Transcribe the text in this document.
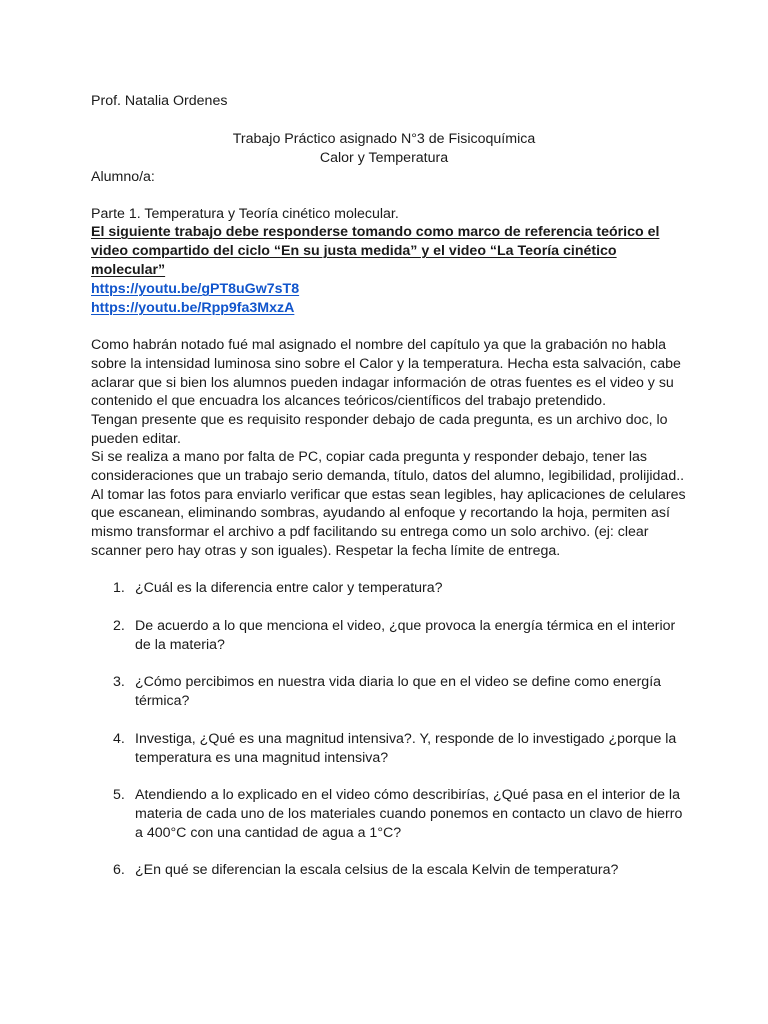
Prof. Natalia Ordenes
Trabajo Práctico asignado N°3 de Fisicoquímica
Calor y Temperatura
Alumno/a:
Parte 1. Temperatura y Teoría cinético molecular.
El siguiente trabajo debe responderse tomando como marco de referencia teórico el
video compartido del ciclo “En su justa medida” y el video “La Teoría cinético
molecular”
https://youtu.be/gPT8uGw7sT8
https://youtu.be/Rpp9fa3MxzA
Como habrán notado fué mal asignado el nombre del capítulo ya que la grabación no habla
sobre la intensidad luminosa sino sobre el Calor y la temperatura. Hecha esta salvación, cabe
aclarar que si bien los alumnos pueden indagar información de otras fuentes es el video y su
contenido el que encuadra los alcances teóricos/científicos del trabajo pretendido.
Tengan presente que es requisito responder debajo de cada pregunta, es un archivo doc, lo
pueden editar.
Si se realiza a mano por falta de PC, copiar cada pregunta y responder debajo, tener las
consideraciones que un trabajo serio demanda, título, datos del alumno, legibilidad, prolijidad..
Al tomar las fotos para enviarlo verificar que estas sean legibles, hay aplicaciones de celulares
que escanean, eliminando sombras, ayudando al enfoque y recortando la hoja, permiten así
mismo transformar el archivo a pdf facilitando su entrega como un solo archivo. (ej: clear
scanner pero hay otras y son iguales). Respetar la fecha límite de entrega.
1. ¿Cuál es la diferencia entre calor y temperatura?
2. De acuerdo a lo que menciona el video, ¿que provoca la energía térmica en el interior
de la materia?
3. ¿Cómo percibimos en nuestra vida diaria lo que en el video se define como energía
térmica?
4. Investiga, ¿Qué es una magnitud intensiva?. Y, responde de lo investigado ¿porque la
temperatura es una magnitud intensiva?
5. Atendiendo a lo explicado en el video cómo describirías, ¿Qué pasa en el interior de la
materia de cada uno de los materiales cuando ponemos en contacto un clavo de hierro
a 400°C con una cantidad de agua a 1°C?
6. ¿En qué se diferencian la escala celsius de la escala Kelvin de temperatura?
